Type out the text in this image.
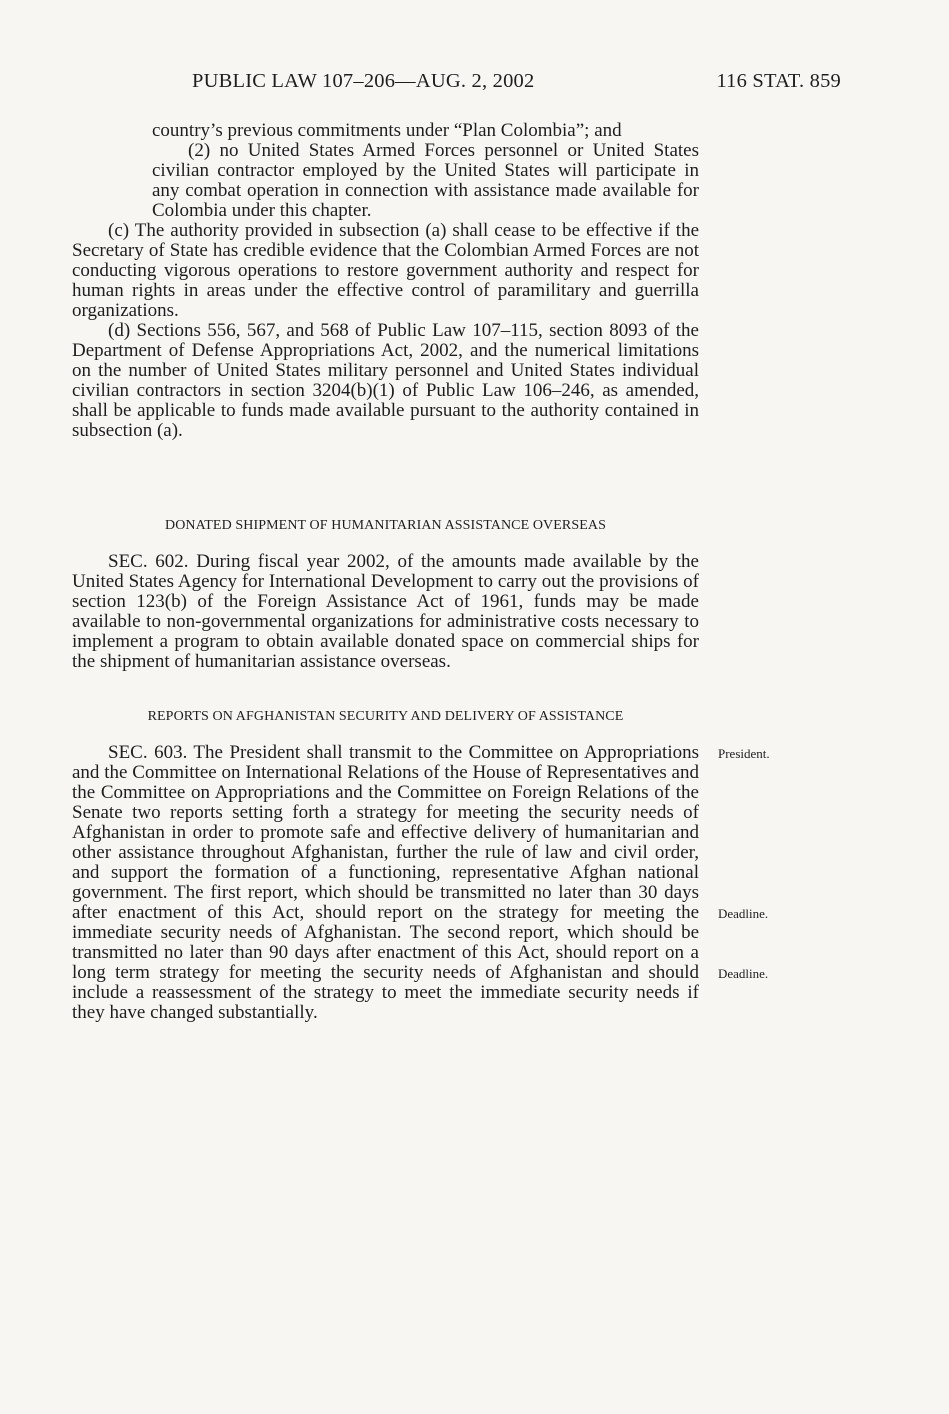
PUBLIC LAW 107–206—AUG. 2, 2002	116 STAT. 859

country’s previous commitments under “Plan Colombia”; and

(2) no United States Armed Forces personnel or United States civilian contractor employed by the United States will participate in any combat operation in connection with assistance made available for Colombia under this chapter.

(c) The authority provided in subsection (a) shall cease to be effective if the Secretary of State has credible evidence that the Colombian Armed Forces are not conducting vigorous operations to restore government authority and respect for human rights in areas under the effective control of paramilitary and guerrilla organizations.

(d) Sections 556, 567, and 568 of Public Law 107–115, section 8093 of the Department of Defense Appropriations Act, 2002, and the numerical limitations on the number of United States military personnel and United States individual civilian contractors in section 3204(b)(1) of Public Law 106–246, as amended, shall be applicable to funds made available pursuant to the authority contained in subsection (a).

DONATED SHIPMENT OF HUMANITARIAN ASSISTANCE OVERSEAS

SEC. 602. During fiscal year 2002, of the amounts made available by the United States Agency for International Development to carry out the provisions of section 123(b) of the Foreign Assistance Act of 1961, funds may be made available to non-governmental organizations for administrative costs necessary to implement a program to obtain available donated space on commercial ships for the shipment of humanitarian assistance overseas.

REPORTS ON AFGHANISTAN SECURITY AND DELIVERY OF ASSISTANCE

SEC. 603. The President shall transmit to the Committee on Appropriations and the Committee on International Relations of the House of Representatives and the Committee on Appropriations and the Committee on Foreign Relations of the Senate two reports setting forth a strategy for meeting the security needs of Afghanistan in order to promote safe and effective delivery of humanitarian and other assistance throughout Afghanistan, further the rule of law and civil order, and support the formation of a functioning, representative Afghan national government. The first report, which should be transmitted no later than 30 days after enactment of this Act, should report on the strategy for meeting the immediate security needs of Afghanistan. The second report, which should be transmitted no later than 90 days after enactment of this Act, should report on a long term strategy for meeting the security needs of Afghanistan and should include a reassessment of the strategy to meet the immediate security needs if they have changed substantially.

President.
Deadline.
Deadline.
